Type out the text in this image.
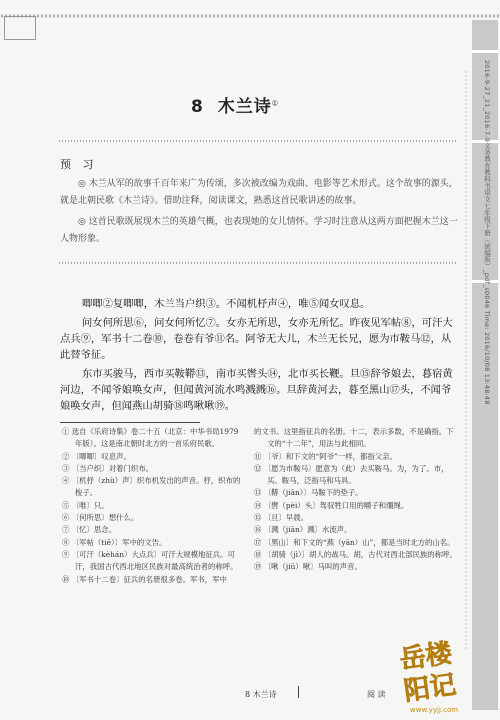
2016-9-27_21_2016-7-9义务教育教科书语文七年级下册（统编版）_pdf_s0046 Time: 2016/10/08 13:48:48
8 木兰诗①
预 习

◎ 木兰从军的故事千百年来广为传颂，多次被改编为戏曲、电影等艺术形式。这个故事的源头，就是北朝民歌《木兰诗》。借助注释，阅读课文，熟悉这首民歌讲述的故事。

◎ 这首民歌既展现木兰的英雄气概，也表现她的女儿情怀。学习时注意从这两方面把握木兰这一人物形象。

唧唧②复唧唧，木兰当户织③。不闻机杼声④，唯⑤闻女叹息。

问女何所思⑥，问女何所忆⑦。女亦无所思，女亦无所忆。昨夜见军帖⑧，可汗大点兵⑨，军书十二卷⑩，卷卷有爷⑪名。阿爷无大儿，木兰无长兄，愿为市鞍马⑫，从此替爷征。

东市买骏马，西市买鞍鞯⑬，南市买辔头⑭，北市买长鞭。旦⑮辞爷娘去，暮宿黄河边，不闻爷娘唤女声，但闻黄河流水鸣溅溅⑯。旦辞黄河去，暮至黑山⑰头，不闻爷娘唤女声，但闻燕山胡骑⑱鸣啾啾⑲。

① 选自《乐府诗集》卷二十五（北京：中华书局1979年版）。这是南北朝时北方的一首乐府民歌。
② 〔唧唧〕叹息声。
③ 〔当户织〕对着门织布。
④ 〔机杼（zhù）声〕织布机发出的声音。杼，织布的梭子。
⑤ 〔唯〕只。
⑥ 〔何所思〕想什么。
⑦ 〔忆〕思念。
⑧ 〔军帖（tiě）〕军中的文告。
⑨ 〔可汗（kèhán）大点兵〕可汗大规模地征兵。可汗，我国古代西北地区民族对最高统治者的称呼。
⑩ 〔军书十二卷〕征兵的名册很多卷。军书，军中
的文书。这里指征兵的名册。十二，表示多数，不是确指。下文的“十二年”，用法与此相同。
⑪ 〔爷〕和下文的“阿爷”一样，都指父亲。
⑫ 〔愿为市鞍马〕愿意为（此）去买鞍马。为，为了。市，买。鞍马，泛指马和马具。
⑬ 〔鞯（jiān）〕马鞍下的垫子。
⑭ 〔辔（pèi）头〕驾驭牲口用的嚼子和缰绳。
⑮ 〔旦〕早晨。
⑯ 〔溅（jiān）溅〕水流声。
⑰ 〔黑山〕和下文的“燕（yān）山”，都是当时北方的山名。
⑱ 〔胡骑（jì）〕胡人的战马。胡，古代对西北部民族的称呼。
⑲ 〔啾（jiū）啾〕马叫的声音。
8 木兰诗	阅 读
岳楼
阳记
www.yyjj.com
